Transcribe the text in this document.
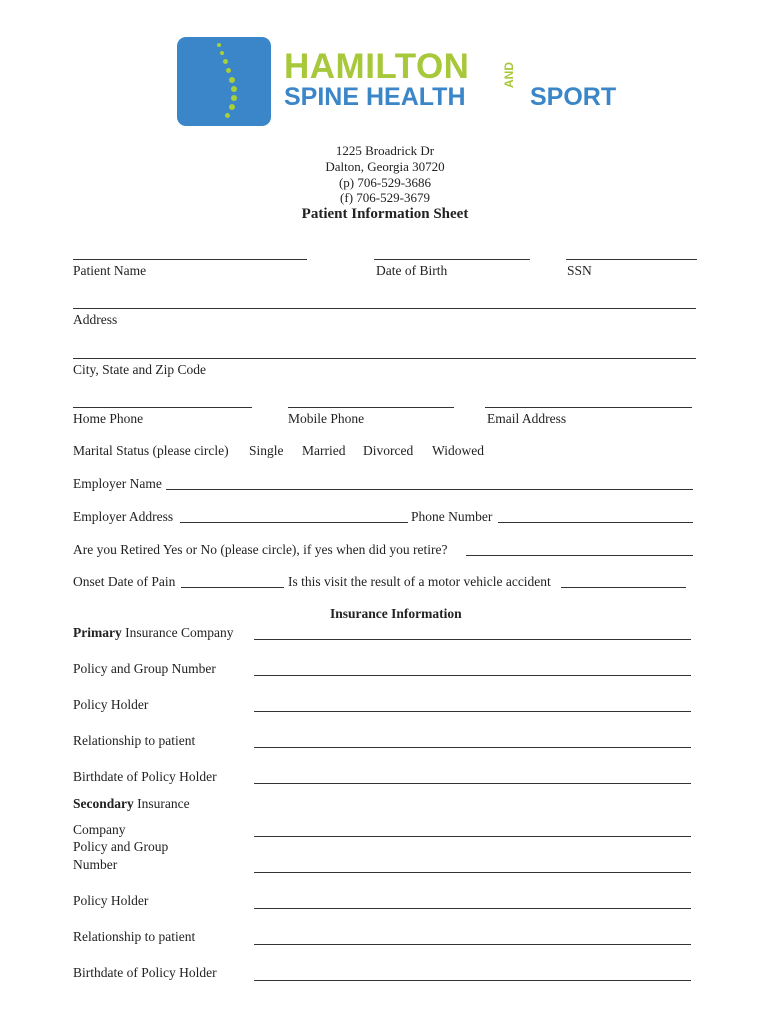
HAMILTON
SPINE HEALTH
AND
SPORT
1225 Broadrick Dr
Dalton, Georgia 30720
(p) 706-529-3686
(f) 706-529-3679
Patient Information Sheet
Patient Name	Date of Birth	SSN
Address
City, State and Zip Code
Home Phone	Mobile Phone	Email Address
Marital Status (please circle) Single Married Divorced Widowed
Employer Name
Employer Address	Phone Number
Are you Retired Yes or No (please circle), if yes when did you retire?
Onset Date of Pain	Is this visit the result of a motor vehicle accident
Insurance Information
Primary Insurance Company
Policy and Group Number
Policy Holder
Relationship to patient
Birthdate of Policy Holder
Secondary Insurance
Company
Policy and Group
Number
Policy Holder
Relationship to patient
Birthdate of Policy Holder
